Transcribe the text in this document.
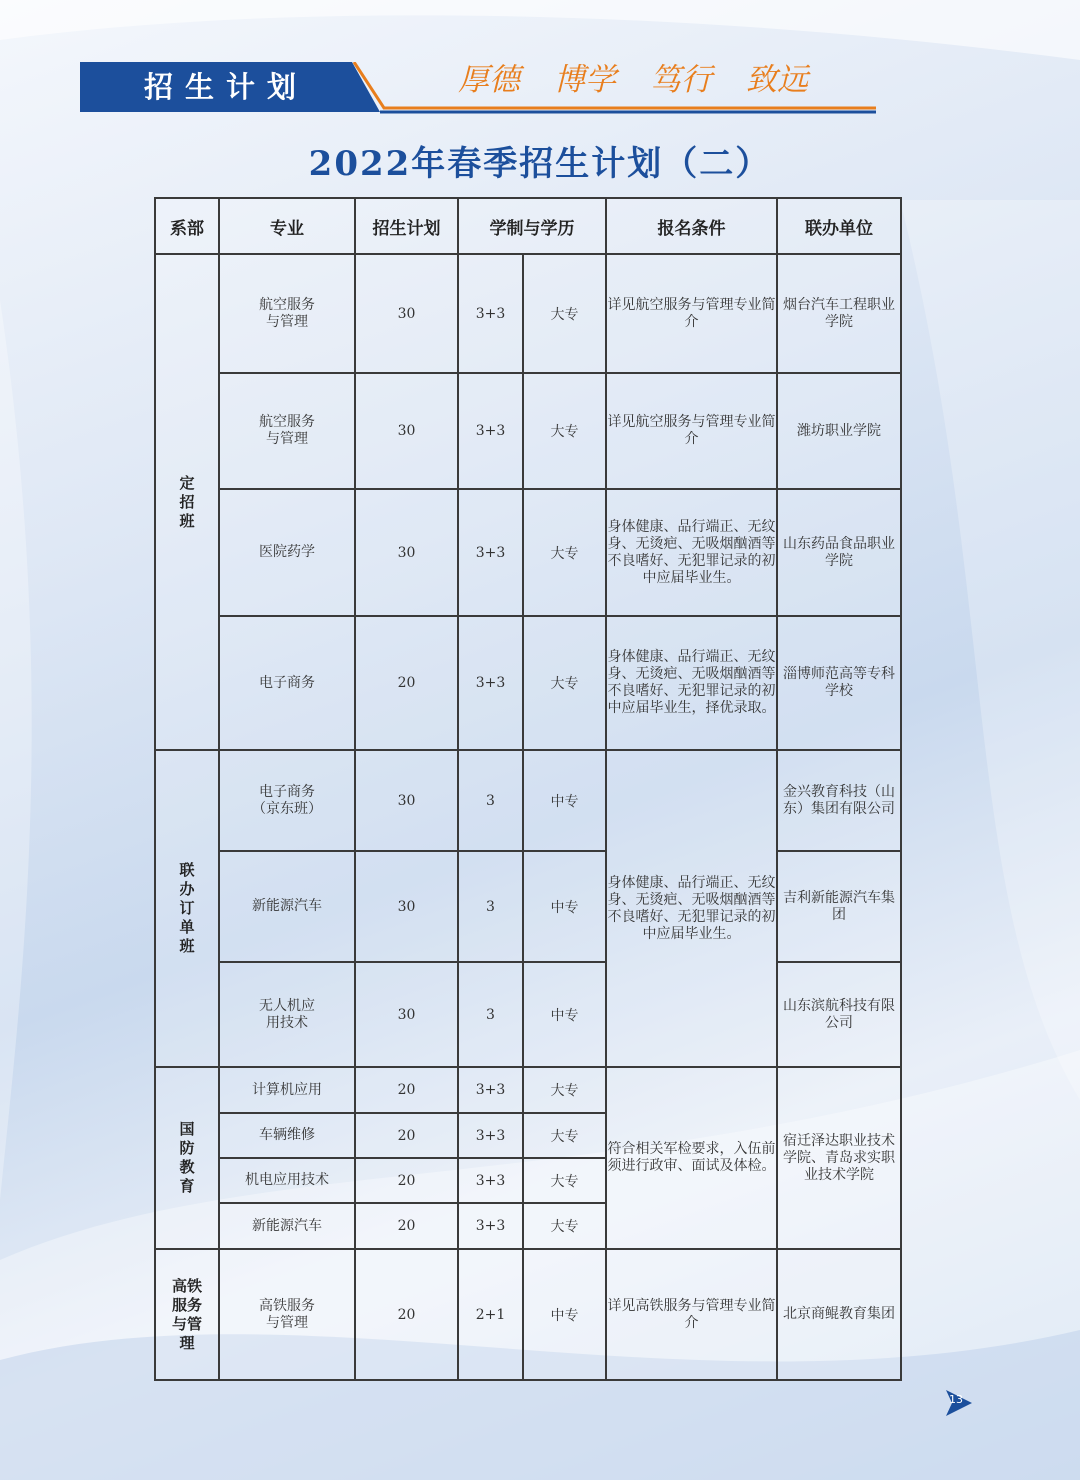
招生计划	厚德 博学 笃行 致远
2022年春季招生计划（二）
系部	专业	招生计划	学制与学历		报名条件	联办单位
定招班	航空服务
与管理	30	3+3	大专	详见航空服务与管理专业简介	烟台汽车工程职业学院
	航空服务
与管理	30	3+3	大专	详见航空服务与管理专业简介	潍坊职业学院
	医院药学	30	3+3	大专	身体健康、品行端正、无纹身、无烫疤、无吸烟酗酒等不良嗜好、无犯罪记录的初中应届毕业生。	山东药品食品职业学院
	电子商务	20	3+3	大专	身体健康、品行端正、无纹身、无烫疤、无吸烟酗酒等不良嗜好、无犯罪记录的初中应届毕业生，择优录取。	淄博师范高等专科学校
联办订单班	电子商务
（京东班）	30	3	中专	身体健康、品行端正、无纹身、无烫疤、无吸烟酗酒等不良嗜好、无犯罪记录的初中应届毕业生。	金兴教育科技（山东）集团有限公司
	新能源汽车	30	3	中专		吉利新能源汽车集团
	无人机应
用技术	30	3	中专		山东滨航科技有限公司
国防教育	计算机应用	20	3+3	大专	符合相关军检要求，入伍前须进行政审、面试及体检。	宿迁泽达职业技术学院、青岛求实职业技术学院
	车辆维修	20	3+3	大专		
	机电应用技术	20	3+3	大专		
	新能源汽车	20	3+3	大专		
高铁服务与管理	高铁服务
与管理	20	2+1	中专	详见高铁服务与管理专业简介	北京商鲲教育集团
13
